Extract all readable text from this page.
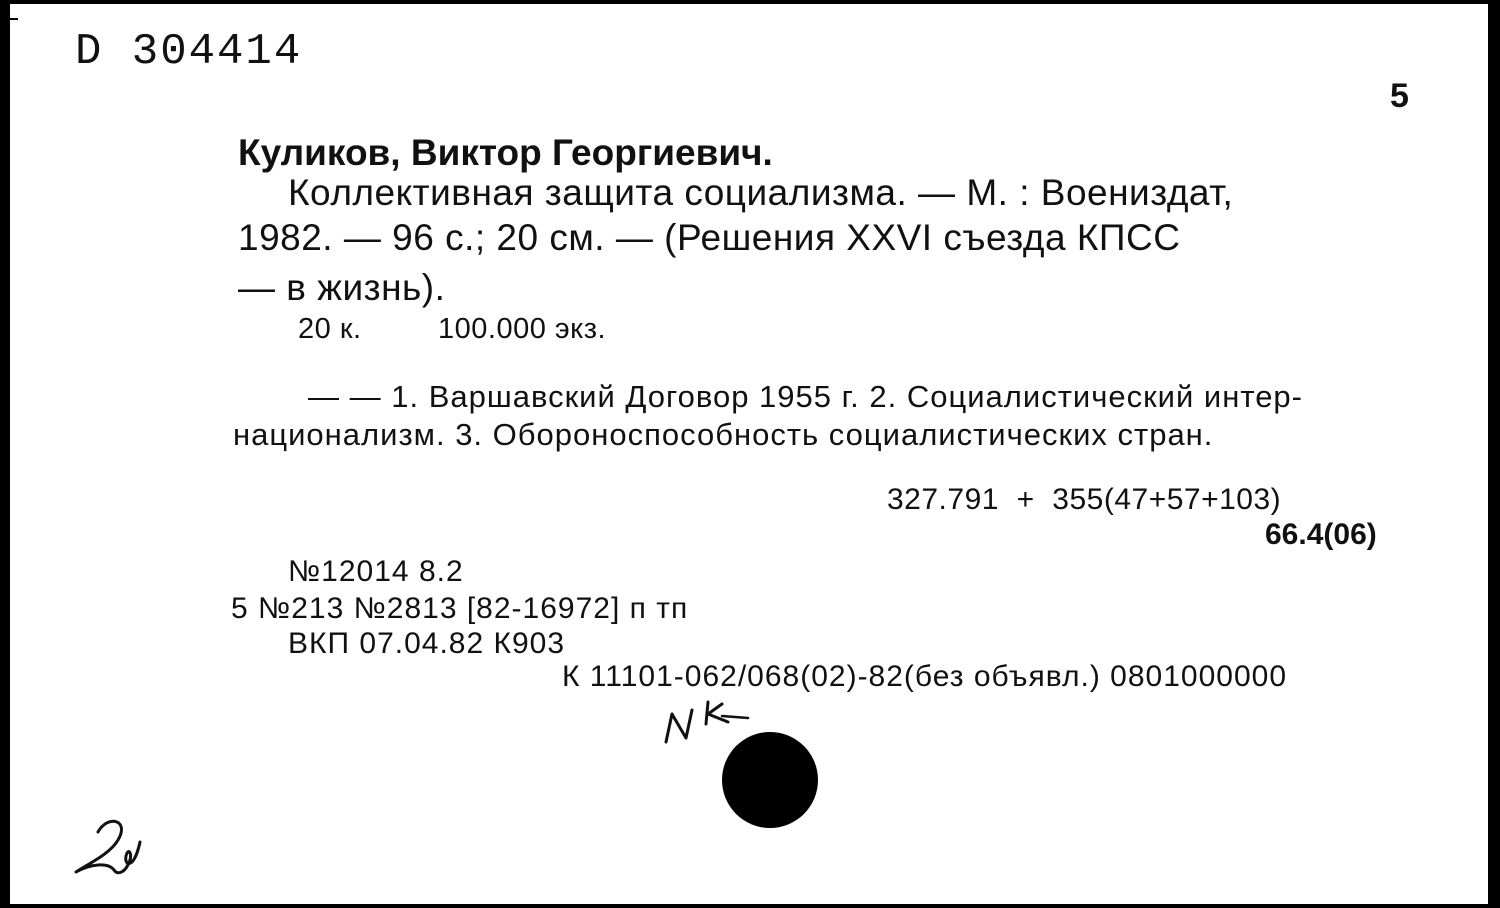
D 304414
5
Куликов, Виктор Георгиевич.
Коллективная защита социализма. — М. : Воениздат,
1982. — 96 с.; 20 см. — (Решения XXVI съезда КПСС
— в жизнь).
20 к.	100.000 экз.
— — 1. Варшавский Договор 1955 г. 2. Социалистический интер-
национализм. 3. Обороноспособность социалистических стран.
327.791  +  355(47+57+103)
66.4(06)
№12014 8.2
5 №213 №2813 [82-16972] п тп
ВКП 07.04.82 К903
К 11101-062/068(02)-82(без объявл.) 0801000000
